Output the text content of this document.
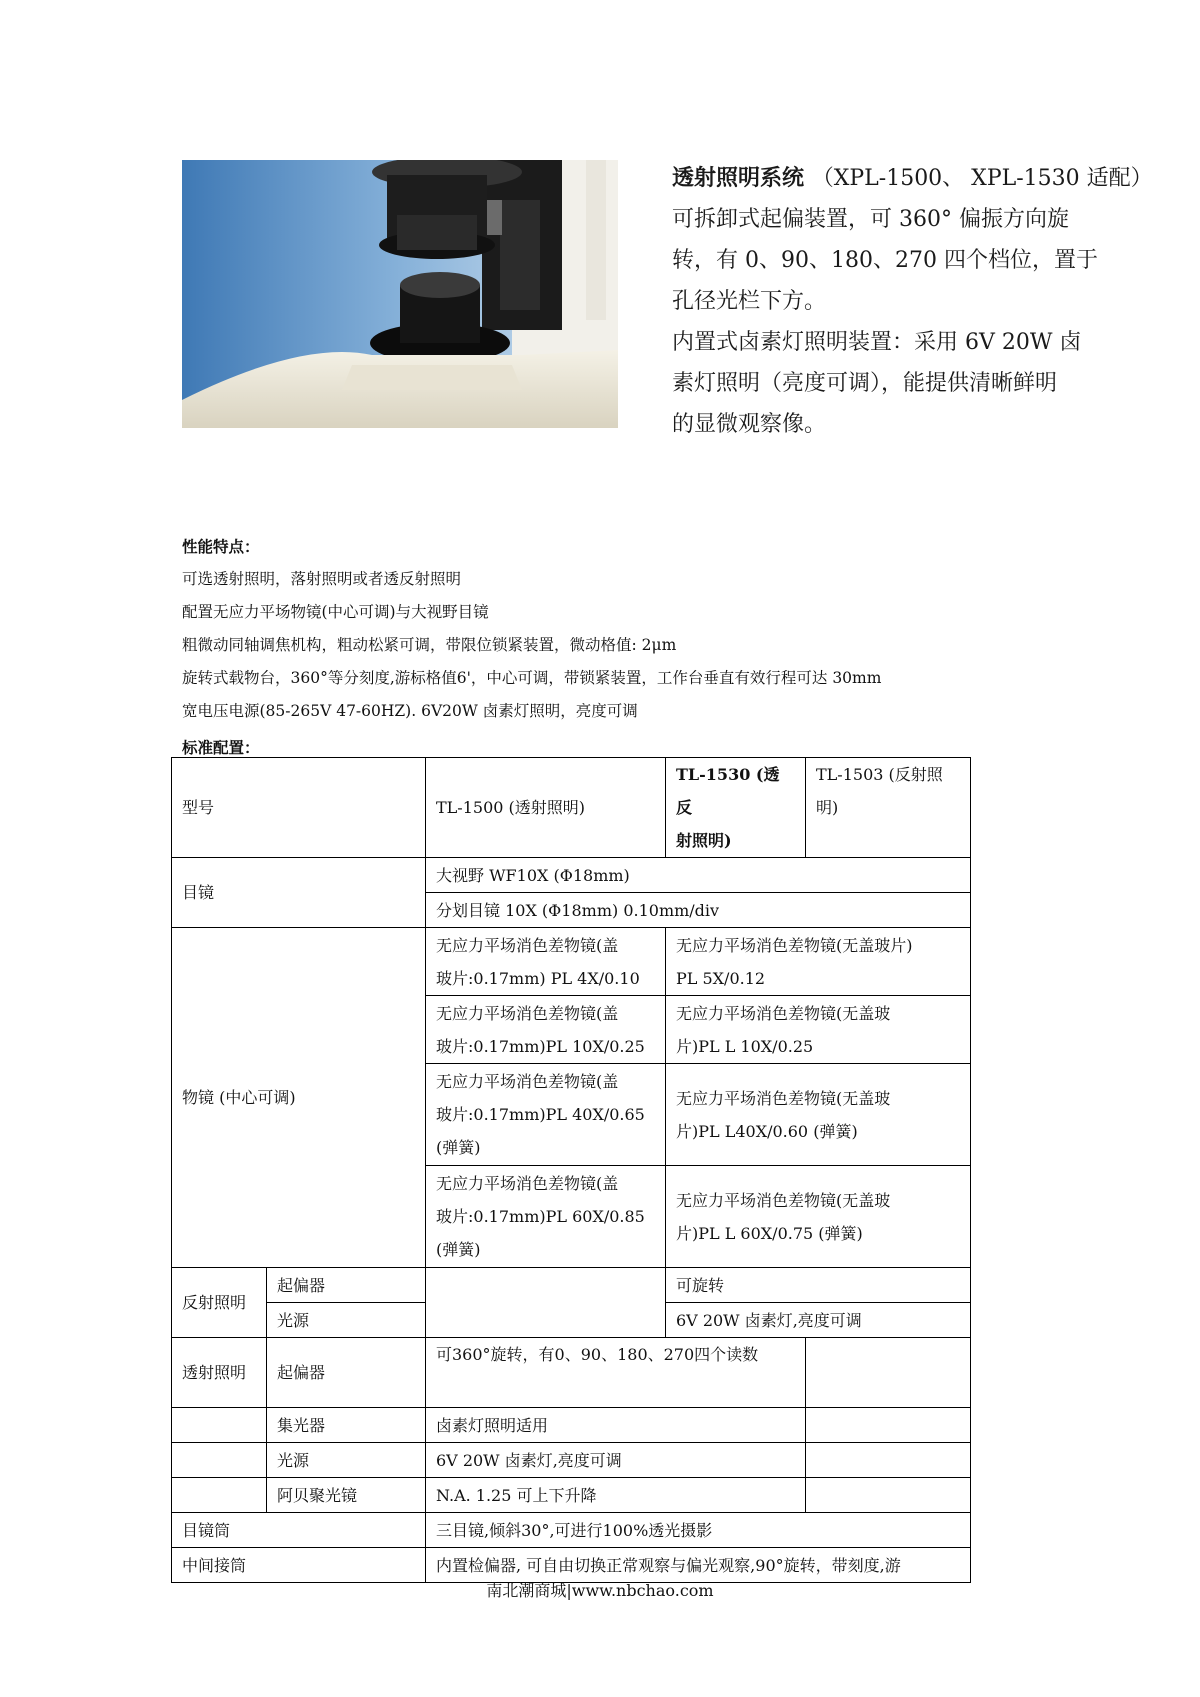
透射照明系统 （XPL-1500、 XPL-1530 适配）

可拆卸式起偏装置，可 360° 偏振方向旋

转，有 0、90、180、270 四个档位，置于

孔径光栏下方。

内置式卤素灯照明装置：采用 6V 20W 卤

素灯照明（亮度可调），能提供清晰鲜明

的显微观察像。

性能特点：
可选透射照明，落射照明或者透反射照明
配置无应力平场物镜(中心可调)与大视野目镜
粗微动同轴调焦机构，粗动松紧可调，带限位锁紧装置，微动格值: 2μm
旋转式载物台，360°等分刻度,游标格值6'，中心可调，带锁紧装置，工作台垂直有效行程可达 30mm
宽电压电源(85-265V 47-60HZ). 6V20W 卤素灯照明，亮度可调
标准配置：
型号		TL-1500 (透射照明)	TL-1530 (透反
射照明)	TL-1503 (反射照
明)
目镜		大视野 WF10X (Φ18mm)		
		分划目镜 10X (Φ18mm) 0.10mm/div		
物镜 (中心可调)		无应力平场消色差物镜(盖
玻片:0.17mm) PL 4X/0.10	无应力平场消色差物镜(无盖玻片)
PL 5X/0.12	
		无应力平场消色差物镜(盖
玻片:0.17mm)PL 10X/0.25	无应力平场消色差物镜(无盖玻
片)PL L 10X/0.25	
		无应力平场消色差物镜(盖
玻片:0.17mm)PL 40X/0.65
(弹簧)	无应力平场消色差物镜(无盖玻
片)PL L40X/0.60 (弹簧)	
		无应力平场消色差物镜(盖
玻片:0.17mm)PL 60X/0.85
(弹簧)	无应力平场消色差物镜(无盖玻
片)PL L 60X/0.75 (弹簧)	
反射照明	起偏器		可旋转	
	光源		6V 20W 卤素灯,亮度可调	
透射照明	起偏器	可360°旋转，有0、90、180、270四个读数		
	集光器	卤素灯照明适用		
	光源	6V 20W 卤素灯,亮度可调		
	阿贝聚光镜	N.A. 1.25 可上下升降		
目镜筒		三目镜,倾斜30°,可进行100%透光摄影		
中间接筒		内置检偏器, 可自由切换正常观察与偏光观察,90°旋转，带刻度,游		
南北潮商城|www.nbchao.com
